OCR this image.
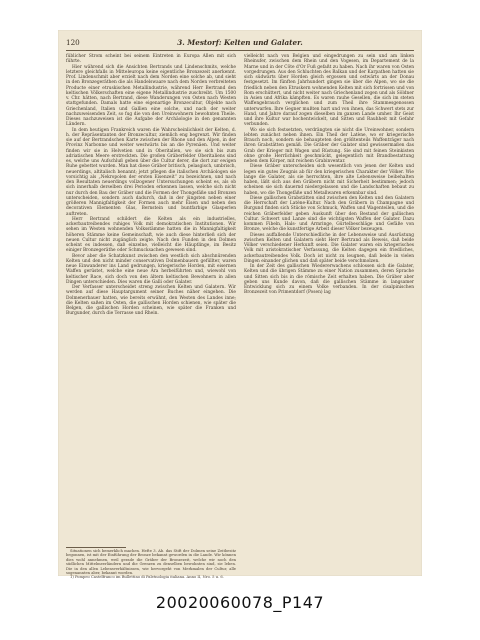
120	3. Mestorf: Kelten und Galater.

füblicher Strom scheint bei seinem Eintreten in Europa Allen mit sich führte.

Hier während sich die Ansichten Bertrands und Lindenschmits, welche letztere gleichfalls in Mitteleuropa keine eigentliche Bronzezeit anerkennt. Prof. Lindenschmit aber erzielt nach dem Norden eine solche ab, und sieht in den Bronzegeräthen die als Handelswaare nach dem Norden verbreiteten Producte einer etruskischen Metallindustrie, während Herr Bertrand den keltischen Völkerschaften eine eigene Metallindustrie zuschreibt. Um 1500 v. Chr. hätten, nach Bertrand, diese Wanderungen von Osten nach Westen stattgefunden. Damals hatte eine eigenartige Bronzecultur, Objekte nach Griechenland, Italien und Gallien eine solche, und nach der weiter nachzuweisenden Zeit, so fug die von den Ureinwohnern bewohnten Theile. Dieses nachzuweisen ist die Aufgabe der Archäologie in den genannten Ländern.

In dem heutigen Frankreich waren die Wahrscheinlichkeit der Kelten, d. h. der Repräsentanten der Bronzecultur, ziemlich eng begrenzt. Wir finden sie auf der Bertrandschen Karte zwischen der Rhone und den Alpen, in der Provinz Narbonne und weiter westwärts bis an die Pyrenäen. Und weiter finden wir sie in Helvetien und in Oberitalien, wo sie sich bis zum adriatischen Meere erstreckten. Die großen Gräberfelder Oberitaliens sind es, welche uns Aufschluß geben über die Cultur derer, die dort zur ewigen Ruhe gebettet wurden. Man hat diese Gräber britisch, pelasgisch, umbrisch, neuerdings, altitalisch benannt; jetzt pflegen die italischen Archäologen sie vorsichtig als „Nekropolen der ersten Eisenzeit“ zu bezeichnen, und nach den Resultaten neuerdings vollzogener Untersuchungen scheint es, als ob sich innerhalb derselben drei Perioden erkennen lassen, welche sich nicht nur durch den Bau der Gräber und die Formen der Thongefäße und Bronzen unterscheiden, sondern auch dadurch, daß in der jüngsten neben einer größeren Mannigfaltigkeit der Formen auch mehr Eisen und neben den decorativen Elementen Glas, Bernstein und buntfarbige Glasperlen auftreten.

Herr Bertrand schildert die Kelten als ein industrielles, ackerbautreibendes ruhiges Volk mit demokratischen Institutionen. Wir sehen im Westen wohnenden Volksstämme hatten die in Mannigfaltigkeit höheren Stämme keine Gemeinschaft, wie auch diese hinterließ sich der neuen Cultur nicht zugänglich zeigte. Nach den Funden in den Dolmen scheint es indessen, daß einzelne, vielleicht die Häuptlinge, im Besitz einiger Bronzegeräthe oder Schmucksachen gewesen sind.

Bevor aber die Schatzkunst zwischen den westlich sich abschnürenden Kelten und den nicht minder conservativen Dolmenbauern gefüllter, waren neue Einwanderer ins Land gedrungen, kriegerische Horden, mit eisernen Waffen gerüstet, welche eine neue Ära herbeiführten und, wiewohl von keltischer Race, sich doch von den ältern keltischen Bewohnern in allen Dingen unterschieden. Dies waren die Galli oder Galater.

Der Verfasser unterscheidet streng zwischen Kelten und Galatern. Wir werden auf diese Hauptargument seiner Buches näher eingehen. Die Dolmenerbauer hatten, wie bereits erwähnt, den Westen des Landes inne; die Kelten saßen im Osten, die gallischen Horden schienen, wie später die Belgen, die gallischen Horden scheinen, wie später die Franken und Burgunder, durch die Terrasse und Rhein.

vielleicht nach von Belgien und eingedrungen zu sein und am linken Rheinufer, zwischen dem Rhein und den Vogesen, im Departement de la Marne und in der Côte d'Or Fuß gefaßt zu haben. Nach ihr waren von Osten vorgedrungen. Aus den Schluchten des Balkan und der Karpathen hatten sie sich südwärts über Horden gleich ergossen und ostwärts an der Donau festgesetzt. Im fünften Jahrhundert gingen sie über die Alpen, wo sie die friedlich neben den Etruskern wohnenden Kelten mit sich fortrissen und von Rom erschüttert, und nicht weiter nach Griechenland zogen und als Söldner in Asien und Afrika kämpften. Es waren rauhe Gesellen, die sich im steten Waffengebrauch verglichen und zum Theil ihre Stammesgenossen unterwarfen. Ihre Gegner mußten hart und von ihnen, das Schwert stets zur Hand, und Jahre darauf zogen dieselben im ganzen Lande umher. Ihr Geist und ihre Kultur war hochentwickelt, und Sitten und Rauhheit mit Gefahr verbunden.

Wo sie sich festsetzten, verdrängten sie nicht die Ureinwohner, sondern lebten zunächst neben ihnen. Ein Theil der Latène, wo er kriegerische Brauch noch, sondern sie behaupteten den größtenteils Waffenträger nach ihren Grabstätten gemäß. Die Gräber der Galater sind gewissermaßen das Grab der Krieger mit Wagen und Rüstung. Sie sind mit feinen Steinkisten ohne große Herrlichkeit geschmückt, gelegentlich mit Brandbestattung neben dem Körper, mit reichem Grabinventar.

Diese Gräber unterscheiden sich wesentlich von jenen der Kelten und legen ein gutes Zeugnis ab für den kriegerischen Charakter der Völker. Wie lange die Galater, als sie herrschten, ihre alte Lebensweise beibehalten haben, läßt sich aus den Gräbern nicht mit Sicherheit bestimmen; jedoch scheinen sie sich dauernd niedergelassen und die Landschaften bebaut zu haben, wo die Thongefäße und Metallwaren erkennbar sind.

Diese gallischen Grabstätten sind zwischen den Kelten und den Galatern die Herrschaft der Latène-Kultur. Nach den Gräbern in Champagne und Burgund finden sich Stücke von Schmuck, Waffen und Wagenteilen, und die reichen Gräberfelder geben Auskunft über den Bestand der gallischen Cultur. Schwert und Lanze sind die wichtigsten Waffen der Galater. Dazu kommen Fibeln, Hals- und Armringe, Gürtelbeschläge und Gefäße von Bronze, welche die kunstfertige Arbeit dieser Völker bezeugen.

Dieses auffallende Unterschiedliche in der Lebensweise und Ausrüstung zwischen Kelten und Galatern sieht Herr Bertrand als Beweis, daß beide Völker verschiedener Herkunft seien. Die Galater waren ein kriegerisches Volk mit aristokratischer Verfassung, die Kelten dagegen ein friedliches, ackerbautreibendes Volk. Doch ist nicht zu leugnen, daß beide in vielen Dingen einander glichen und daß später beide verschmolzen.

In der Zeit des gallischen Wiedererwachens schlossen sich die Galater, Kelten und die übrigen Stämme zu einer Nation zusammen, deren Sprache und Sitten sich bis in die römische Zeit erhalten haben. Die Gräber aber geben uns Kunde davon, daß die gallischen Stämme in langsamer Entwicklung sich zu einem Volke verbanden. In der cisalpinischen Bronzezeit von Primentdorf (Posen) lag

Situationen sich bemerklich machen. Hefte 3. Ab. das Stift der Dolmen seine Zeitbesitz begonnen, ist mit der Einführung der Bronze bekannt geworden in die Lande. Wir können dies wohl annehmen, weil gerade die Gräber der Bronzezeit, welche wir noch den südlichen Mittelmeerländern und die Grenzen zu denselben bewohnten sind, sie leben. Die in den allen Lebensverhältnissen, wie hervorgeht von Merkmalen der Cultur, alle sogenannten aber, bekannt worden.

1) Pompeo Castelfranco im Bullettino di Paletnologia italiana. Anno II, Nro. 5 u. 6.

20020060078_P147
